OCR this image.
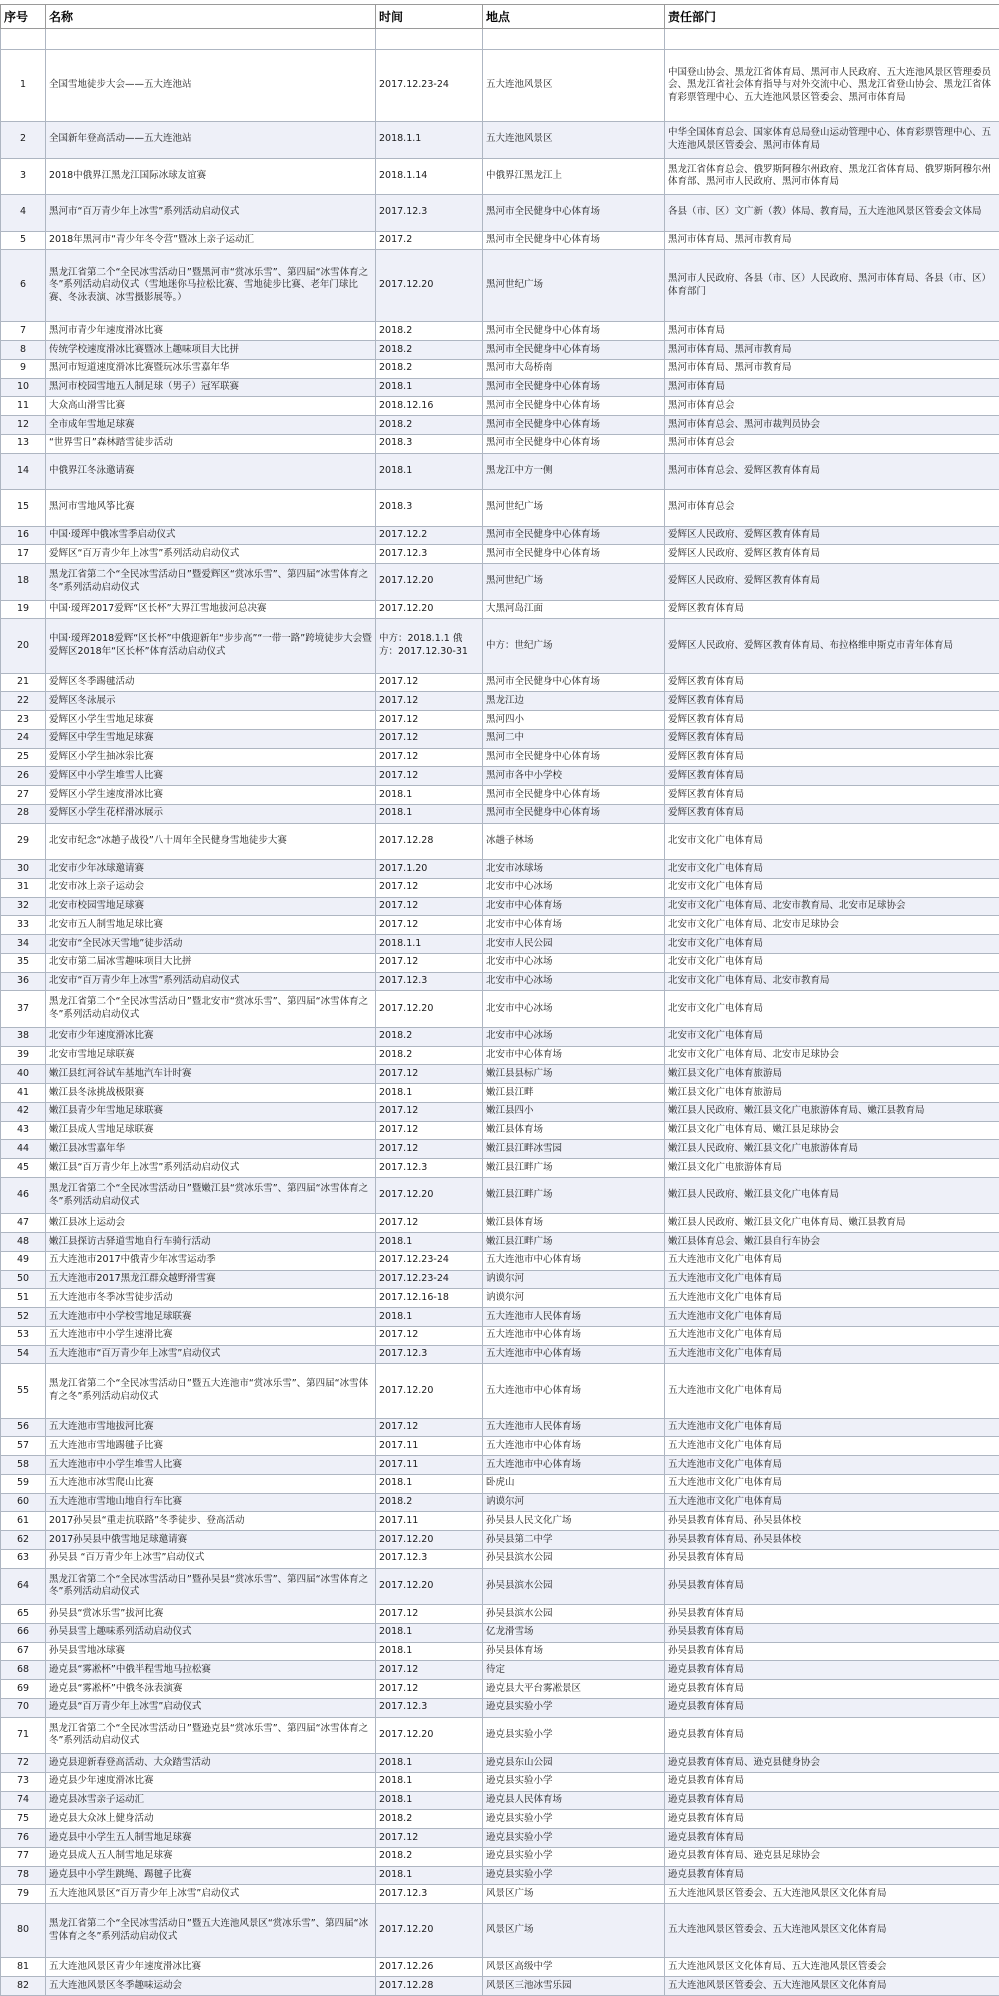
序号	名称	时间	地点	责任部门

1	全国雪地徒步大会——五大连池站	2017.12.23-24	五大连池风景区	中国登山协会、黑龙江省体育局、黑河市人民政府、五大连池风景区管理委员会、黑龙江省社会体育指导与对外交流中心、黑龙江省登山协会、黑龙江省体育彩票管理中心、五大连池风景区管委会、黑河市体育局
2	全国新年登高活动——五大连池站	2018.1.1	五大连池风景区	中华全国体育总会、国家体育总局登山运动管理中心、体育彩票管理中心、五大连池风景区管委会、黑河市体育局
3	2018中俄界江黑龙江国际冰球友谊赛	2018.1.14	中俄界江黑龙江上	黑龙江省体育总会、俄罗斯阿穆尔州政府、黑龙江省体育局、俄罗斯阿穆尔州体育部、黑河市人民政府、黑河市体育局
4	黑河市“百万青少年上冰雪”系列活动启动仪式	2017.12.3	黑河市全民健身中心体育场	各县（市、区）文广新（教）体局、教育局，五大连池风景区管委会文体局
5	2018年黑河市“青少年冬令营”暨冰上亲子运动汇	2017.2	黑河市全民健身中心体育场	黑河市体育局、黑河市教育局
6	黑龙江省第二个“全民冰雪活动日”暨黑河市“赏冰乐雪”、第四届“冰雪体育之冬”系列活动启动仪式（雪地迷你马拉松比赛、雪地徒步比赛、老年门球比赛、冬泳表演、冰雪摄影展等。）	2017.12.20	黑河世纪广场	黑河市人民政府、各县（市、区）人民政府、黑河市体育局、各县（市、区）体育部门
7	黑河市青少年速度滑冰比赛	2018.2	黑河市全民健身中心体育场	黑河市体育局
8	传统学校速度滑冰比赛暨冰上趣味项目大比拼	2018.2	黑河市全民健身中心体育场	黑河市体育局、黑河市教育局
9	黑河市短道速度滑冰比赛暨玩冰乐雪嘉年华	2018.2	黑河市大岛桥南	黑河市体育局、黑河市教育局
10	黑河市校园雪地五人制足球（男子）冠军联赛	2018.1	黑河市全民健身中心体育场	黑河市体育局
11	大众高山滑雪比赛	2018.12.16	黑河市全民健身中心体育场	黑河市体育总会
12	全市成年雪地足球赛	2018.2	黑河市全民健身中心体育场	黑河市体育总会、黑河市裁判员协会
13	“世界雪日”森林踏雪徒步活动	2018.3	黑河市全民健身中心体育场	黑河市体育总会
14	中俄界江冬泳邀请赛	2018.1	黑龙江中方一侧	黑河市体育总会、爱辉区教育体育局
15	黑河市雪地风筝比赛	2018.3	黑河世纪广场	黑河市体育总会
16	中国·瑷珲中俄冰雪季启动仪式	2017.12.2	黑河市全民健身中心体育场	爱辉区人民政府、爱辉区教育体育局
17	爱辉区“百万青少年上冰雪”系列活动启动仪式	2017.12.3	黑河市全民健身中心体育场	爱辉区人民政府、爱辉区教育体育局
18	黑龙江省第二个“全民冰雪活动日”暨爱辉区“赏冰乐雪”、第四届“冰雪体育之冬”系列活动启动仪式	2017.12.20	黑河世纪广场	爱辉区人民政府、爱辉区教育体育局
19	中国·瑷珲2017爱辉“区长杯”大界江雪地拔河总决赛	2017.12.20	大黑河岛江面	爱辉区教育体育局
20	中国·瑷珲2018爱辉“区长杯”中俄迎新年“步步高”“一带一路”跨境徒步大会暨爱辉区2018年“区长杯”体育活动启动仪式	中方：2018.1.1 俄方：2017.12.30-31	中方：世纪广场	爱辉区人民政府、爱辉区教育体育局、布拉格维申斯克市青年体育局
21	爱辉区冬季踢毽活动	2017.12	黑河市全民健身中心体育场	爱辉区教育体育局
22	爱辉区冬泳展示	2017.12	黑龙江边	爱辉区教育体育局
23	爱辉区小学生雪地足球赛	2017.12	黑河四小	爱辉区教育体育局
24	爱辉区中学生雪地足球赛	2017.12	黑河二中	爱辉区教育体育局
25	爱辉区小学生抽冰尜比赛	2017.12	黑河市全民健身中心体育场	爱辉区教育体育局
26	爱辉区中小学生堆雪人比赛	2017.12	黑河市各中小学校	爱辉区教育体育局
27	爱辉区小学生速度滑冰比赛	2018.1	黑河市全民健身中心体育场	爱辉区教育体育局
28	爱辉区小学生花样滑冰展示	2018.1	黑河市全民健身中心体育场	爱辉区教育体育局
29	北安市纪念“冰趟子战役”八十周年全民健身雪地徒步大赛	2017.12.28	冰趟子林场	北安市文化广电体育局
30	北安市少年冰球邀请赛	2017.1.20	北安市冰球场	北安市文化广电体育局
31	北安市冰上亲子运动会	2017.12	北安市中心冰场	北安市文化广电体育局
32	北安市校园雪地足球赛	2017.12	北安市中心体育场	北安市文化广电体育局、北安市教育局、北安市足球协会
33	北安市五人制雪地足球比赛	2017.12	北安市中心体育场	北安市文化广电体育局、北安市足球协会
34	北安市“全民冰天雪地”徒步活动	2018.1.1	北安市人民公园	北安市文化广电体育局
35	北安市第二届冰雪趣味项目大比拼	2017.12	北安市中心冰场	北安市文化广电体育局
36	北安市“百万青少年上冰雪”系列活动启动仪式	2017.12.3	北安市中心冰场	北安市文化广电体育局、北安市教育局
37	黑龙江省第二个“全民冰雪活动日”暨北安市“赏冰乐雪”、第四届“冰雪体育之冬”系列活动启动仪式	2017.12.20	北安市中心冰场	北安市文化广电体育局
38	北安市少年速度滑冰比赛	2018.2	北安市中心冰场	北安市文化广电体育局
39	北安市雪地足球联赛	2018.2	北安市中心体育场	北安市文化广电体育局、北安市足球协会
40	嫩江县红河谷试车基地汽车计时赛	2017.12	嫩江县县标广场	嫩江县文化广电体育旅游局
41	嫩江县冬泳挑战极限赛	2018.1	嫩江县江畔	嫩江县文化广电体育旅游局
42	嫩江县青少年雪地足球联赛	2017.12	嫩江县四小	嫩江县人民政府、嫩江县文化广电旅游体育局、嫩江县教育局
43	嫩江县成人雪地足球联赛	2017.12	嫩江县体育场	嫩江县文化广电体育局、嫩江县足球协会
44	嫩江县冰雪嘉年华	2017.12	嫩江县江畔冰雪园	嫩江县人民政府、嫩江县文化广电旅游体育局
45	嫩江县“百万青少年上冰雪”系列活动启动仪式	2017.12.3	嫩江县江畔广场	嫩江县文化广电旅游体育局
46	黑龙江省第二个“全民冰雪活动日”暨嫩江县“赏冰乐雪”、第四届“冰雪体育之冬”系列活动启动仪式	2017.12.20	嫩江县江畔广场	嫩江县人民政府、嫩江县文化广电体育局
47	嫩江县冰上运动会	2017.12	嫩江县体育场	嫩江县人民政府、嫩江县文化广电体育局、嫩江县教育局
48	嫩江县探访古驿道雪地自行车骑行活动	2018.1	嫩江县江畔广场	嫩江县体育总会、嫩江县自行车协会
49	五大连池市2017中俄青少年冰雪运动季	2017.12.23-24	五大连池市中心体育场	五大连池市文化广电体育局
50	五大连池市2017黑龙江群众越野滑雪赛	2017.12.23-24	讷谟尔河	五大连池市文化广电体育局
51	五大连池市冬季冰雪徒步活动	2017.12.16-18	讷谟尔河	五大连池市文化广电体育局
52	五大连池市中小学校雪地足球联赛	2018.1	五大连池市人民体育场	五大连池市文化广电体育局
53	五大连池市中小学生速滑比赛	2017.12	五大连池市中心体育场	五大连池市文化广电体育局
54	五大连池市“百万青少年上冰雪”启动仪式	2017.12.3	五大连池市中心体育场	五大连池市文化广电体育局
55	黑龙江省第二个“全民冰雪活动日”暨五大连池市“赏冰乐雪”、第四届“冰雪体育之冬”系列活动启动仪式	2017.12.20	五大连池市中心体育场	五大连池市文化广电体育局
56	五大连池市雪地拔河比赛	2017.12	五大连池市人民体育场	五大连池市文化广电体育局
57	五大连池市雪地踢毽子比赛	2017.11	五大连池市中心体育场	五大连池市文化广电体育局
58	五大连池市中小学生堆雪人比赛	2017.11	五大连池市中心体育场	五大连池市文化广电体育局
59	五大连池市冰雪爬山比赛	2018.1	卧虎山	五大连池市文化广电体育局
60	五大连池市雪地山地自行车比赛	2018.2	讷谟尔河	五大连池市文化广电体育局
61	2017孙吴县“重走抗联路”冬季徒步、登高活动	2017.11	孙吴县人民文化广场	孙吴县教育体育局、孙吴县体校
62	2017孙吴县中俄雪地足球邀请赛	2017.12.20	孙吴县第二中学	孙吴县教育体育局、孙吴县体校
63	孙吴县 “百万青少年上冰雪”启动仪式	2017.12.3	孙吴县滨水公园	孙吴县教育体育局
64	黑龙江省第二个“全民冰雪活动日”暨孙吴县“赏冰乐雪”、第四届“冰雪体育之冬”系列活动启动仪式	2017.12.20	孙吴县滨水公园	孙吴县教育体育局
65	孙吴县“赏冰乐雪”拔河比赛	2017.12	孙吴县滨水公园	孙吴县教育体育局
66	孙吴县雪上趣味系列活动启动仪式	2018.1	亿龙滑雪场	孙吴县教育体育局
67	孙吴县雪地冰球赛	2018.1	孙吴县体育场	孙吴县教育体育局
68	逊克县“雾凇杯”中俄半程雪地马拉松赛	2017.12	待定	逊克县教育体育局
69	逊克县“雾凇杯”中俄冬泳表演赛	2017.12	逊克县大平台雾凇景区	逊克县教育体育局
70	逊克县“百万青少年上冰雪”启动仪式	2017.12.3	逊克县实验小学	逊克县教育体育局
71	黑龙江省第二个“全民冰雪活动日”暨逊克县“赏冰乐雪”、第四届“冰雪体育之冬”系列活动启动仪式	2017.12.20	逊克县实验小学	逊克县教育体育局
72	逊克县迎新春登高活动、大众踏雪活动	2018.1	逊克县东山公园	逊克县教育体育局、逊克县健身协会
73	逊克县少年速度滑冰比赛	2018.1	逊克县实验小学	逊克县教育体育局
74	逊克县冰雪亲子运动汇	2018.1	逊克县人民体育场	逊克县教育体育局
75	逊克县大众冰上健身活动	2018.2	逊克县实验小学	逊克县教育体育局
76	逊克县中小学生五人制雪地足球赛	2017.12	逊克县实验小学	逊克县教育体育局
77	逊克县成人五人制雪地足球赛	2018.2	逊克县实验小学	逊克县教育体育局、逊克县足球协会
78	逊克县中小学生跳绳、踢毽子比赛	2018.1	逊克县实验小学	逊克县教育体育局
79	五大连池风景区“百万青少年上冰雪”启动仪式	2017.12.3	风景区广场	五大连池风景区管委会、五大连池风景区文化体育局
80	黑龙江省第二个“全民冰雪活动日”暨五大连池风景区“赏冰乐雪”、第四届“冰雪体育之冬”系列活动启动仪式	2017.12.20	风景区广场	五大连池风景区管委会、五大连池风景区文化体育局
81	五大连池风景区青少年速度滑冰比赛	2017.12.26	风景区高级中学	五大连池风景区文化体育局、五大连池风景区管委会
82	五大连池风景区冬季趣味运动会	2017.12.28	风景区三池冰雪乐园	五大连池风景区管委会、五大连池风景区文化体育局
